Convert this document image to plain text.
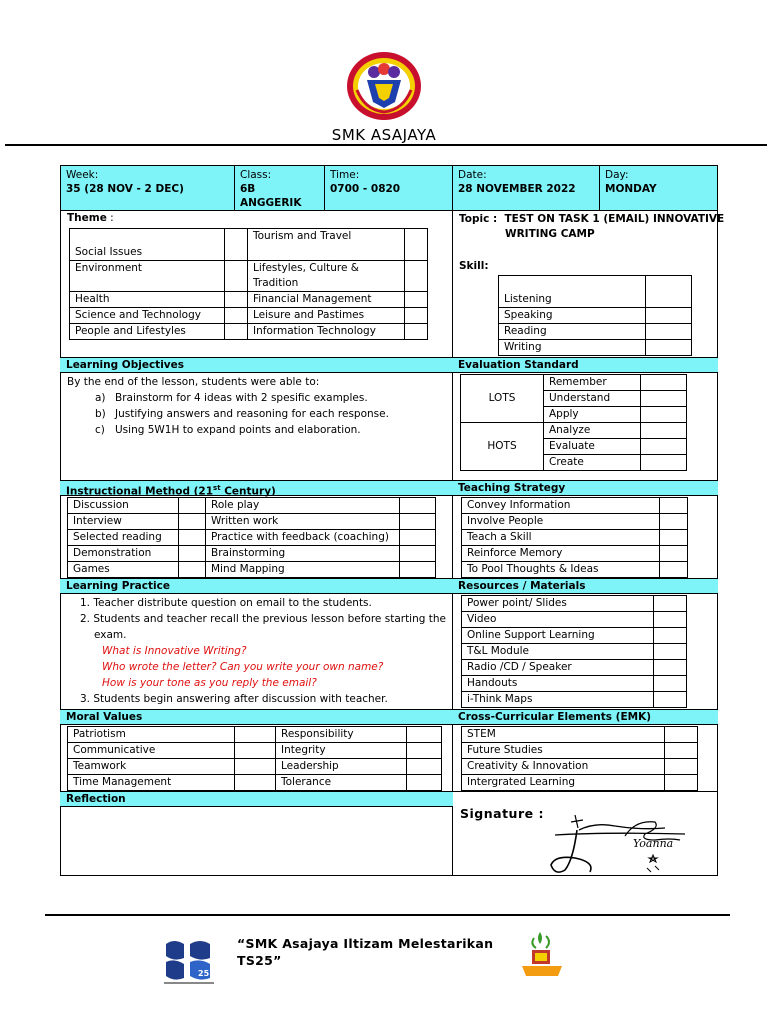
SMK ASAJAYA
Week:
35 (28 NOV - 2 DEC)
Class:
6B ANGGERIK
Time:
0700 - 0820
Date:
28 NOVEMBER 2022
Day:
MONDAY
Theme :
Social Issues		Tourism and Travel	
Environment		Lifestyles, Culture & Tradition	
Health		Financial Management	
Science and Technology		Leisure and Pastimes	
People and Lifestyles		Information Technology	
Topic : TEST ON TASK 1 (EMAIL) INNOVATIVE
WRITING CAMP
Skill:
Listening	
Speaking	
Reading	
Writing	
Learning Objectives	Evaluation Standard
By the end of the lesson, students were able to:
a) Brainstorm for 4 ideas with 2 spesific examples.
b) Justifying answers and reasoning for each response.
c) Using 5W1H to expand points and elaboration.
LOTS	Remember	
	Understand	
	Apply	
HOTS	Analyze	
	Evaluate	
	Create	
Instructional Method (21st Century)	Teaching Strategy
Discussion		Role play	
Interview		Written work	
Selected reading		Practice with feedback (coaching)	
Demonstration		Brainstorming	
Games		Mind Mapping	
Convey Information	
Involve People	
Teach a Skill	
Reinforce Memory	
To Pool Thoughts & Ideas	
Learning Practice	Resources / Materials
1. Teacher distribute question on email to the students.
2. Students and teacher recall the previous lesson before starting the
exam.
What is Innovative Writing?
Who wrote the letter? Can you write your own name?
How is your tone as you reply the email?
3. Students begin answering after discussion with teacher.
Power point/ Slides	
Video	
Online Support Learning	
T&L Module	
Radio /CD / Speaker	
Handouts	
i-Think Maps	
Moral Values	Cross-Curricular Elements (EMK)
Patriotism		Responsibility	
Communicative		Integrity	
Teamwork		Leadership	
Time Management		Tolerance	
STEM	
Future Studies	
Creativity & Innovation	
Intergrated Learning	
Reflection
Signature :
Yoanna
25
“SMK Asajaya Iltizam Melestarikan
TS25”
